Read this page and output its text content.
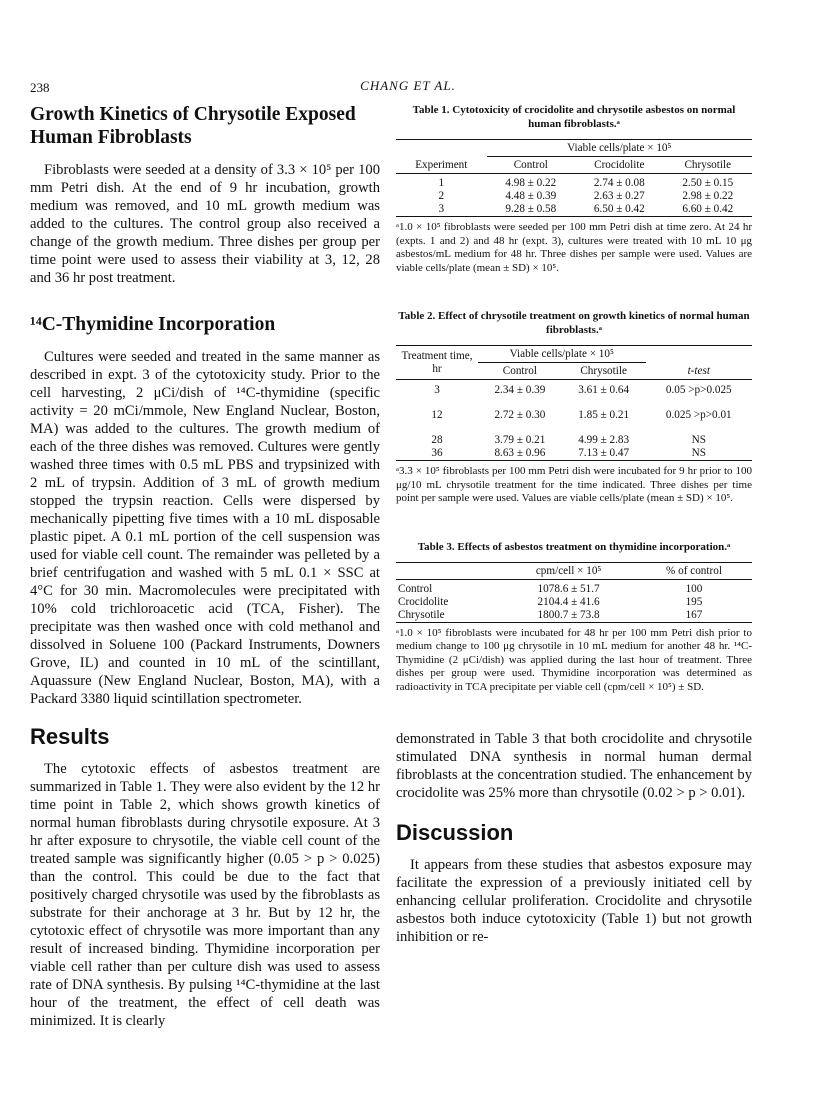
238	CHANG ET AL.
Growth Kinetics of Chrysotile Exposed Human Fibroblasts

Fibroblasts were seeded at a density of 3.3 × 10⁵ per 100 mm Petri dish. At the end of 9 hr incubation, growth medium was removed, and 10 mL growth medium was added to the cultures. The control group also received a change of the growth medium. Three dishes per group per time point were used to assess their viability at 3, 12, 28 and 36 hr post treatment.

¹⁴C-Thymidine Incorporation

Cultures were seeded and treated in the same manner as described in expt. 3 of the cytotoxicity study. Prior to the cell harvesting, 2 μCi/dish of ¹⁴C-thymidine (specific activity = 20 mCi/mmole, New England Nuclear, Boston, MA) was added to the cultures. The growth medium of each of the three dishes was removed. Cultures were gently washed three times with 0.5 mL PBS and trypsinized with 2 mL of trypsin. Addition of 3 mL of growth medium stopped the trypsin reaction. Cells were dispersed by mechanically pipetting five times with a 10 mL disposable plastic pipet. A 0.1 mL portion of the cell suspension was used for viable cell count. The remainder was pelleted by a brief centrifugation and washed with 5 mL 0.1 × SSC at 4°C for 30 min. Macromolecules were precipitated with 10% cold trichloroacetic acid (TCA, Fisher). The precipitate was then washed once with cold methanol and dissolved in Soluene 100 (Packard Instruments, Downers Grove, IL) and counted in 10 mL of the scintillant, Aquassure (New England Nuclear, Boston, MA), with a Packard 3380 liquid scintillation spectrometer.

Results

The cytotoxic effects of asbestos treatment are summarized in Table 1. They were also evident by the 12 hr time point in Table 2, which shows growth kinetics of normal human fibroblasts during chrysotile exposure. At 3 hr after exposure to chrysotile, the viable cell count of the treated sample was significantly higher (0.05 > p > 0.025) than the control. This could be due to the fact that positively charged chrysotile was used by the fibroblasts as substrate for their anchorage at 3 hr. But by 12 hr, the cytotoxic effect of chrysotile was more important than any result of increased binding. Thymidine incorporation per viable cell rather than per culture dish was used to assess rate of DNA synthesis. By pulsing ¹⁴C-thymidine at the last hour of the treatment, the effect of cell death was minimized. It is clearly

Table 1. Cytotoxicity of crocidolite and chrysotile asbestos on normal human fibroblasts.ᵃ
	Viable cells/plate × 10⁵		
Experiment	Control	Crocidolite	Chrysotile
1	4.98 ± 0.22	2.74 ± 0.08	2.50 ± 0.15
2	4.48 ± 0.39	2.63 ± 0.27	2.98 ± 0.22
3	9.28 ± 0.58	6.50 ± 0.42	6.60 ± 0.42
ᵃ1.0 × 10⁵ fibroblasts were seeded per 100 mm Petri dish at time zero. At 24 hr (expts. 1 and 2) and 48 hr (expt. 3), cultures were treated with 10 mL 10 μg asbestos/mL medium for 48 hr. Three dishes per sample were used. Values are viable cells/plate (mean ± SD) × 10⁵.
Table 2. Effect of chrysotile treatment on growth kinetics of normal human fibroblasts.ᵃ
Treatment time, hr	Viable cells/plate × 10⁵		
	Control	Chrysotile	t-test
3	2.34 ± 0.39	3.61 ± 0.64	0.05 >p>0.025
12	2.72 ± 0.30	1.85 ± 0.21	0.025 >p>0.01
28	3.79 ± 0.21	4.99 ± 2.83	NS
36	8.63 ± 0.96	7.13 ± 0.47	NS
ᵃ3.3 × 10⁵ fibroblasts per 100 mm Petri dish were incubated for 9 hr prior to 100 μg/10 mL chrysotile treatment for the time indicated. Three dishes per time point per sample were used. Values are viable cells/plate (mean ± SD) × 10⁵.
Table 3. Effects of asbestos treatment on thymidine incorporation.ᵃ
	cpm/cell × 10⁵	% of control
Control	1078.6 ± 51.7	100
Crocidolite	2104.4 ± 41.6	195
Chrysotile	1800.7 ± 73.8	167
ᵃ1.0 × 10⁵ fibroblasts were incubated for 48 hr per 100 mm Petri dish prior to medium change to 100 μg chrysotile in 10 mL medium for another 48 hr. ¹⁴C-Thymidine (2 μCi/dish) was applied during the last hour of treatment. Three dishes per group were used. Thymidine incorporation was determined as radioactivity in TCA precipitate per viable cell (cpm/cell × 10⁵) ± SD.

demonstrated in Table 3 that both crocidolite and chrysotile stimulated DNA synthesis in normal human dermal fibroblasts at the concentration studied. The enhancement by crocidolite was 25% more than chrysotile (0.02 > p > 0.01).

Discussion

It appears from these studies that asbestos exposure may facilitate the expression of a previously initiated cell by enhancing cellular proliferation. Crocidolite and chrysotile asbestos both induce cytotoxicity (Table 1) but not growth inhibition or re-
